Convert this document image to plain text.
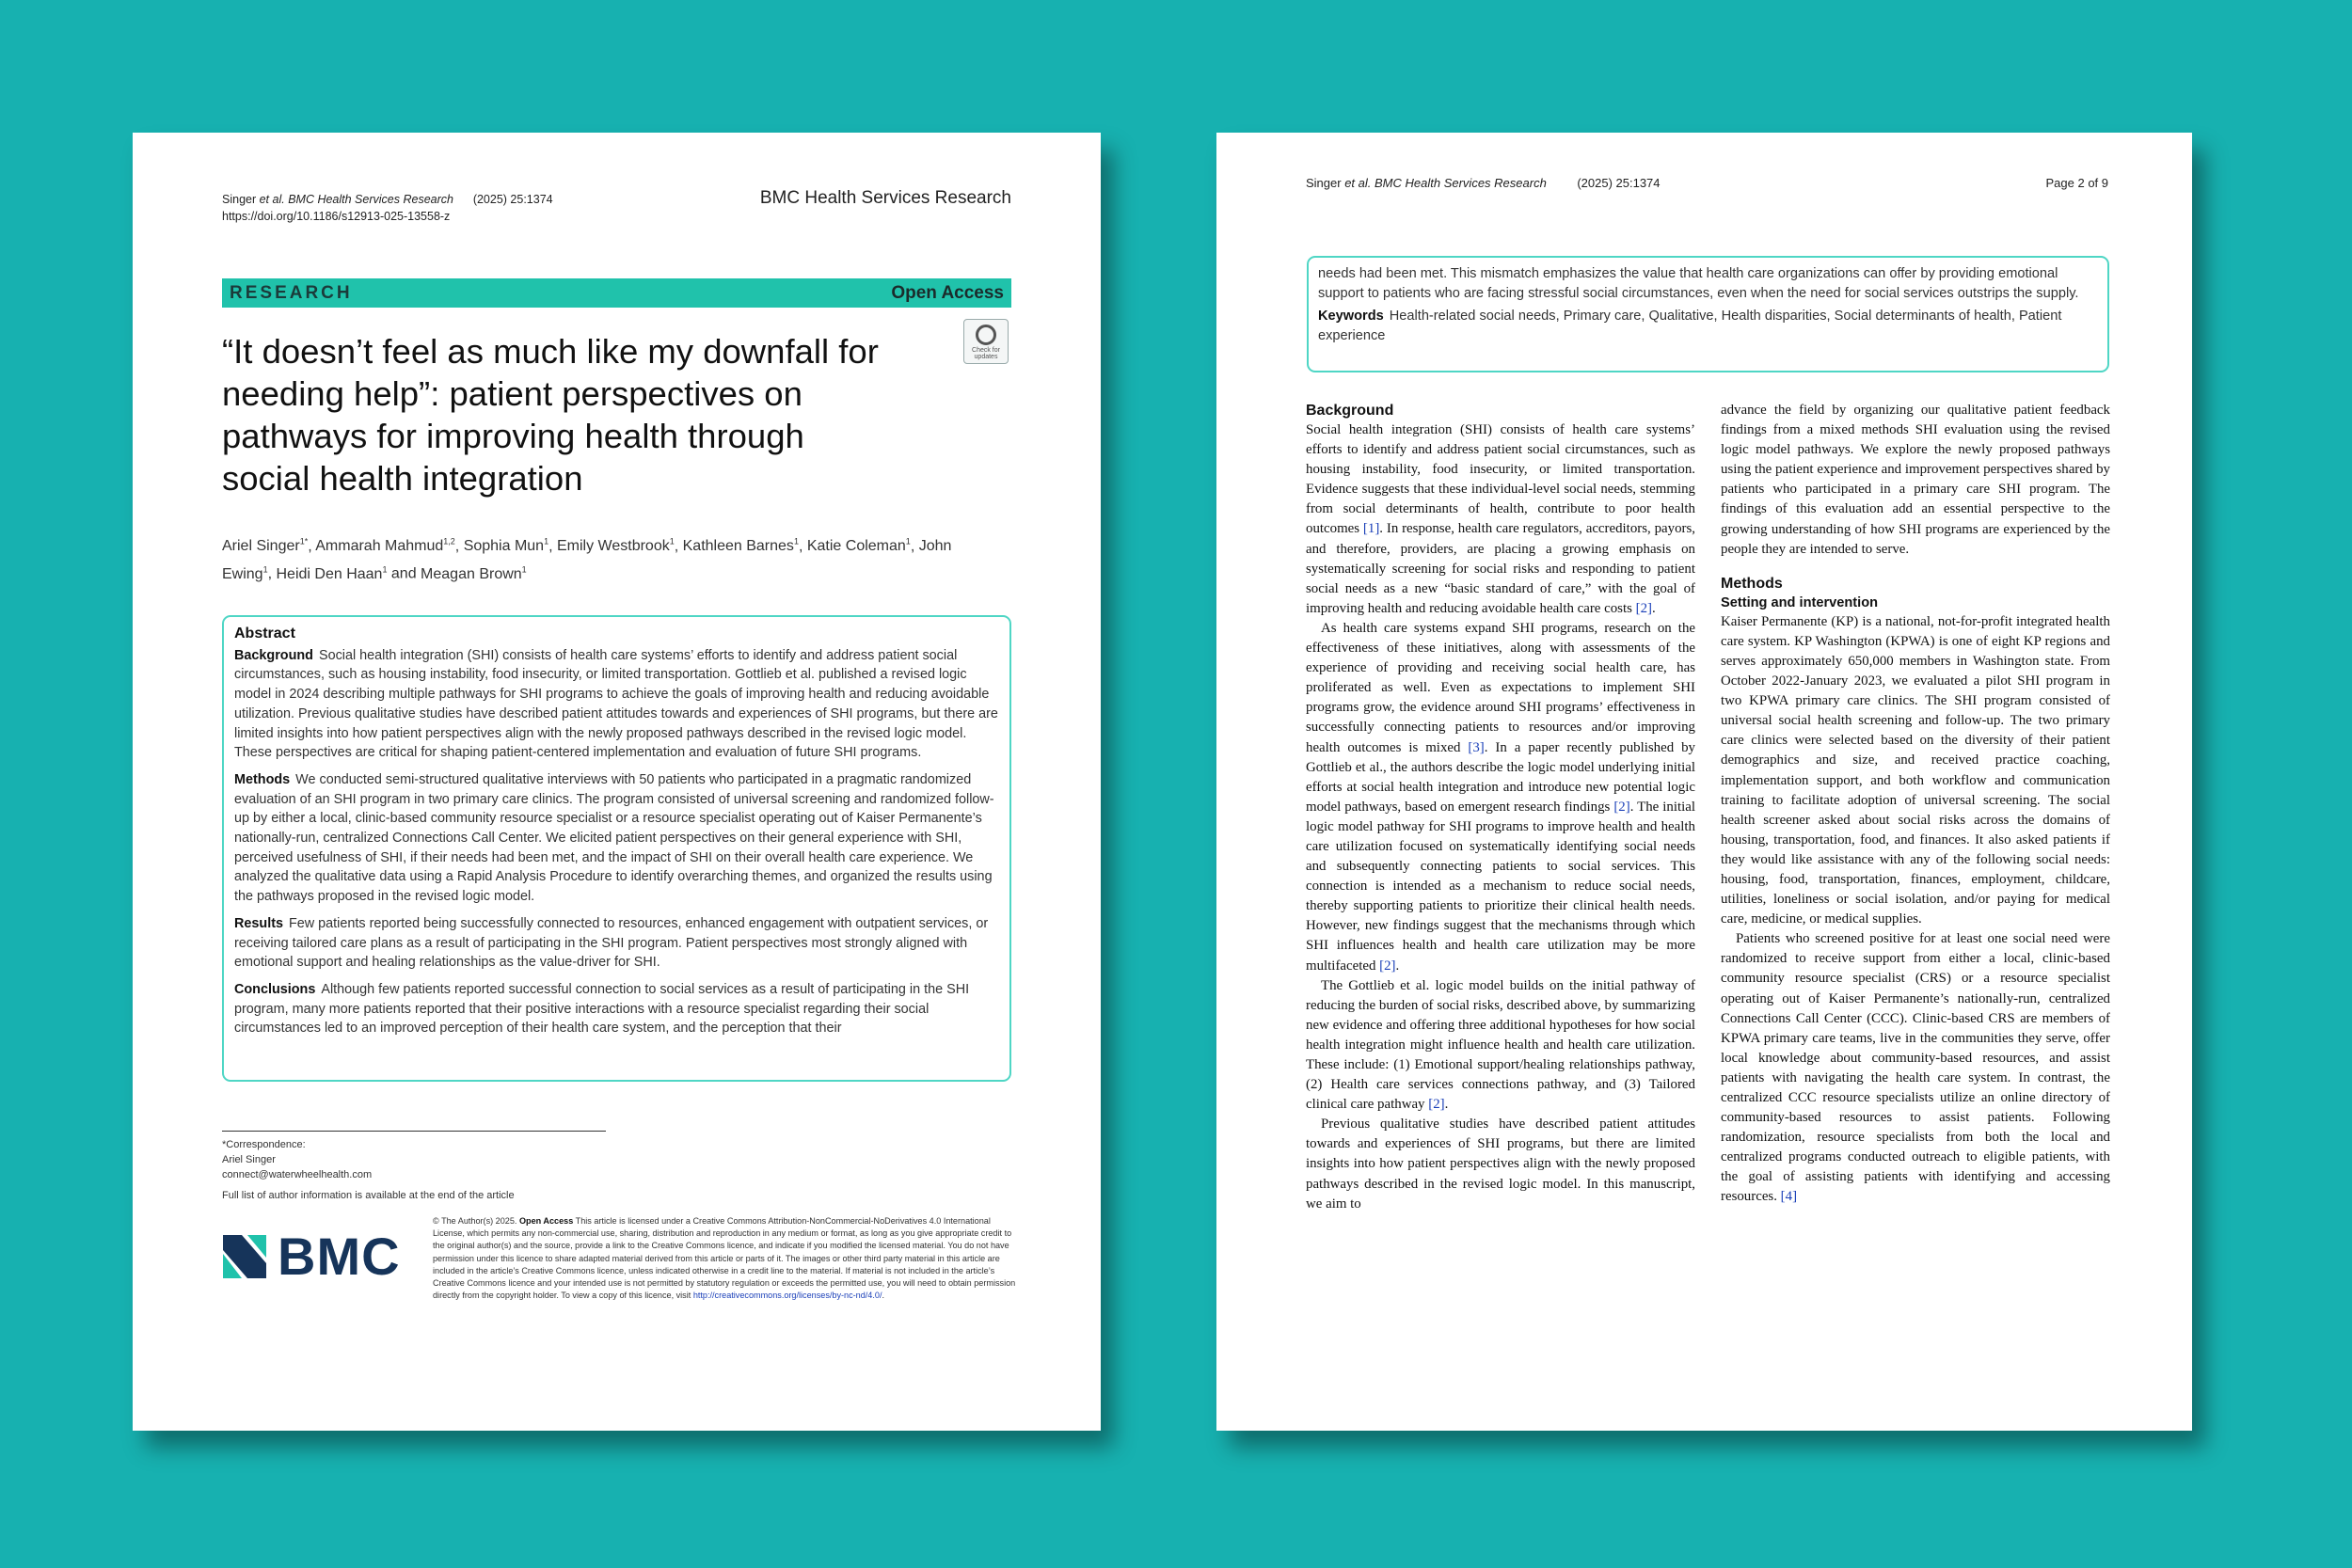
Singer et al. BMC Health Services Research (2025) 25:1374
https://doi.org/10.1186/s12913-025-13558-z
BMC Health Services Research
RESEARCH	Open Access
Check for
updates
“It doesn’t feel as much like my downfall for needing help”: patient perspectives on pathways for improving health through social health integration
Ariel Singer$^{1*}$, Ammarah Mahmud$^{1,2}$, Sophia Mun$^1$, Emily Westbrook$^1$, Kathleen Barnes$^1$, Katie Coleman$^1$, John Ewing$^1$, Heidi Den Haan$^1$ and Meagan Brown$^1$
Abstract

Background Social health integration (SHI) consists of health care systems’ efforts to identify and address patient social circumstances, such as housing instability, food insecurity, or limited transportation. Gottlieb et al. published a revised logic model in 2024 describing multiple pathways for SHI programs to achieve the goals of improving health and reducing avoidable utilization. Previous qualitative studies have described patient attitudes towards and experiences of SHI programs, but there are limited insights into how patient perspectives align with the newly proposed pathways described in the revised logic model. These perspectives are critical for shaping patient-centered implementation and evaluation of future SHI programs.

Methods We conducted semi-structured qualitative interviews with 50 patients who participated in a pragmatic randomized evaluation of an SHI program in two primary care clinics. The program consisted of universal screening and randomized follow-up by either a local, clinic-based community resource specialist or a resource specialist operating out of Kaiser Permanente’s nationally-run, centralized Connections Call Center. We elicited patient perspectives on their general experience with SHI, perceived usefulness of SHI, if their needs had been met, and the impact of SHI on their overall health care experience. We analyzed the qualitative data using a Rapid Analysis Procedure to identify overarching themes, and organized the results using the pathways proposed in the revised logic model.

Results Few patients reported being successfully connected to resources, enhanced engagement with outpatient services, or receiving tailored care plans as a result of participating in the SHI program. Patient perspectives most strongly aligned with emotional support and healing relationships as the value-driver for SHI.

Conclusions Although few patients reported successful connection to social services as a result of participating in the SHI program, many more patients reported that their positive interactions with a resource specialist regarding their social circumstances led to an improved perception of their health care system, and the perception that their

*Correspondence:
Ariel Singer
connect@waterwheelhealth.com
Full list of author information is available at the end of the article
BMC
© The Author(s) 2025. Open Access This article is licensed under a Creative Commons Attribution-NonCommercial-NoDerivatives 4.0 International License, which permits any non-commercial use, sharing, distribution and reproduction in any medium or format, as long as you give appropriate credit to the original author(s) and the source, provide a link to the Creative Commons licence, and indicate if you modified the licensed material. You do not have permission under this licence to share adapted material derived from this article or parts of it. The images or other third party material in this article are included in the article’s Creative Commons licence, unless indicated otherwise in a credit line to the material. If material is not included in the article’s Creative Commons licence and your intended use is not permitted by statutory regulation or exceeds the permitted use, you will need to obtain permission directly from the copyright holder. To view a copy of this licence, visit http://creativecommons.org/licenses/by-nc-nd/4.0/.
Singer et al. BMC Health Services Research	(2025) 25:1374	Page 2 of 9

needs had been met. This mismatch emphasizes the value that health care organizations can offer by providing emotional support to patients who are facing stressful social circumstances, even when the need for social services outstrips the supply.

Keywords Health-related social needs, Primary care, Qualitative, Health disparities, Social determinants of health, Patient experience

Background

Social health integration (SHI) consists of health care systems’ efforts to identify and address patient social circumstances, such as housing instability, food insecurity, or limited transportation. Evidence suggests that these individual-level social needs, stemming from social determinants of health, contribute to poor health outcomes [1]. In response, health care regulators, accreditors, payors, and therefore, providers, are placing a growing emphasis on systematically screening for social risks and responding to patient social needs as a new “basic standard of care,” with the goal of improving health and reducing avoidable health care costs [2].

As health care systems expand SHI programs, research on the effectiveness of these initiatives, along with assessments of the experience of providing and receiving social health care, has proliferated as well. Even as expectations to implement SHI programs grow, the evidence around SHI programs’ effectiveness in successfully connecting patients to resources and/or improving health outcomes is mixed [3]. In a paper recently published by Gottlieb et al., the authors describe the logic model underlying initial efforts at social health integration and introduce new potential logic model pathways, based on emergent research findings [2]. The initial logic model pathway for SHI programs to improve health and health care utilization focused on systematically identifying social needs and subsequently connecting patients to social services. This connection is intended as a mechanism to reduce social needs, thereby supporting patients to prioritize their clinical health needs. However, new findings suggest that the mechanisms through which SHI influences health and health care utilization may be more multifaceted [2].

The Gottlieb et al. logic model builds on the initial pathway of reducing the burden of social risks, described above, by summarizing new evidence and offering three additional hypotheses for how social health integration might influence health and health care utilization. These include: (1) Emotional support/healing relationships pathway, (2) Health care services connections pathway, and (3) Tailored clinical care pathway [2].

Previous qualitative studies have described patient attitudes towards and experiences of SHI programs, but there are limited insights into how patient perspectives align with the newly proposed pathways described in the revised logic model. In this manuscript, we aim to

advance the field by organizing our qualitative patient feedback findings from a mixed methods SHI evaluation using the revised logic model pathways. We explore the newly proposed pathways using the patient experience and improvement perspectives shared by patients who participated in a primary care SHI program. The findings of this evaluation add an essential perspective to the growing understanding of how SHI programs are experienced by the people they are intended to serve.

Methods
Setting and intervention

Kaiser Permanente (KP) is a national, not-for-profit integrated health care system. KP Washington (KPWA) is one of eight KP regions and serves approximately 650,000 members in Washington state. From October 2022-January 2023, we evaluated a pilot SHI program in two KPWA primary care clinics. The SHI program consisted of universal social health screening and follow-up. The two primary care clinics were selected based on the diversity of their patient demographics and size, and received practice coaching, implementation support, and both workflow and communication training to facilitate adoption of universal screening. The social health screener asked about social risks across the domains of housing, transportation, food, and finances. It also asked patients if they would like assistance with any of the following social needs: housing, food, transportation, finances, employment, childcare, utilities, loneliness or social isolation, and/or paying for medical care, medicine, or medical supplies.

Patients who screened positive for at least one social need were randomized to receive support from either a local, clinic-based community resource specialist (CRS) or a resource specialist operating out of Kaiser Permanente’s nationally-run, centralized Connections Call Center (CCC). Clinic-based CRS are members of KPWA primary care teams, live in the communities they serve, offer local knowledge about community-based resources, and assist patients with navigating the health care system. In contrast, the centralized CCC resource specialists utilize an online directory of community-based resources to assist patients. Following randomization, resource specialists from both the local and centralized programs conducted outreach to eligible patients, with the goal of assisting patients with identifying and accessing resources. [4]
